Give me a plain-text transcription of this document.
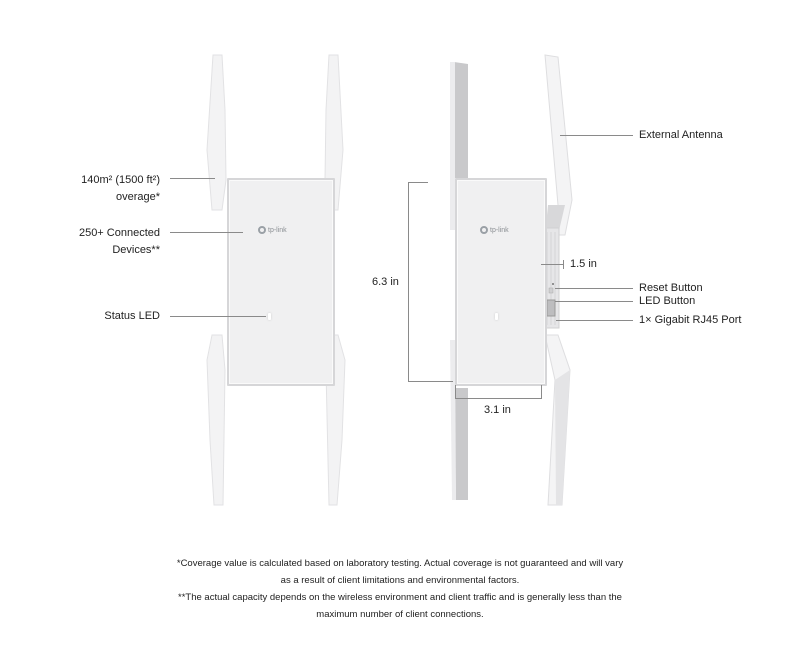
tp-link	tp-link
140m² (1500 ft²)
overage*
250+ Connected
Devices**
Status LED
External Antenna
Reset Button
LED Button
1× Gigabit RJ45 Port
6.3 in
3.1 in
1.5 in
*Coverage value is calculated based on laboratory testing. Actual coverage is not guaranteed and will vary
as a result of client limitations and environmental factors.
**The actual capacity depends on the wireless environment and client traffic and is generally less than the
maximum number of client connections.
